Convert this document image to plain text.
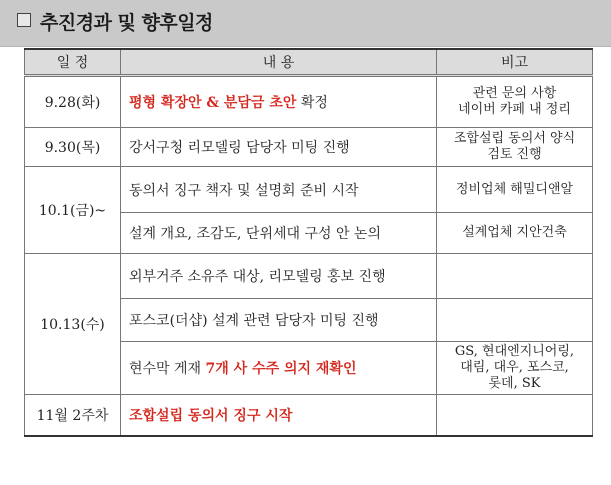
추진경과 및 향후일정
일 정	내 용	비고
9.28(화)	평형 확장안 & 분담금 초안 확정	관련 문의 사항
네이버 카페 내 정리
9.30(목)	강서구청 리모델링 담당자 미팅 진행	조합설립 동의서 양식
검토 진행
10.1(금)~	동의서 징구 책자 및 설명회 준비 시작	정비업체 해밀디앤알
	설계 개요, 조감도, 단위세대 구성 안 논의	설계업체 지안건축
10.13(수)	외부거주 소유주 대상, 리모델링 홍보 진행	
	포스코(더샵) 설계 관련 담당자 미팅 진행	
	현수막 게재 7개 사 수주 의지 재확인	GS, 현대엔지니어링,
대림, 대우, 포스코,
롯데, SK
11월 2주차	조합설립 동의서 징구 시작	
